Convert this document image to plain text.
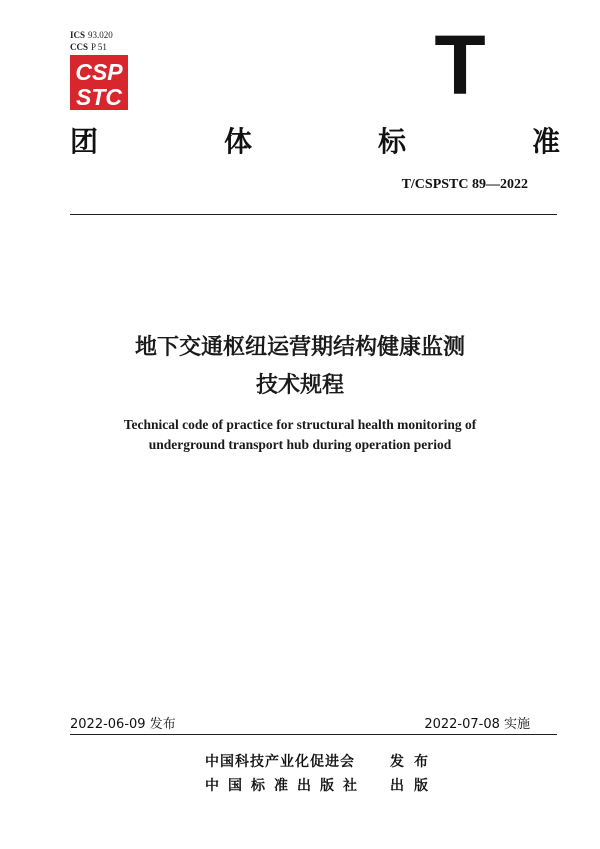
ICS 93.020
CCS P 51
CSP
STC	T
团	体	标	准
T/CSPSTC 89—2022
地下交通枢纽运营期结构健康监测
技术规程
Technical code of practice for structural health monitoring of
underground transport hub during operation period
2022-06-09 发布	2022-07-08 实施
中国科技产业化促进会	发布
中国标准出版社 出版
